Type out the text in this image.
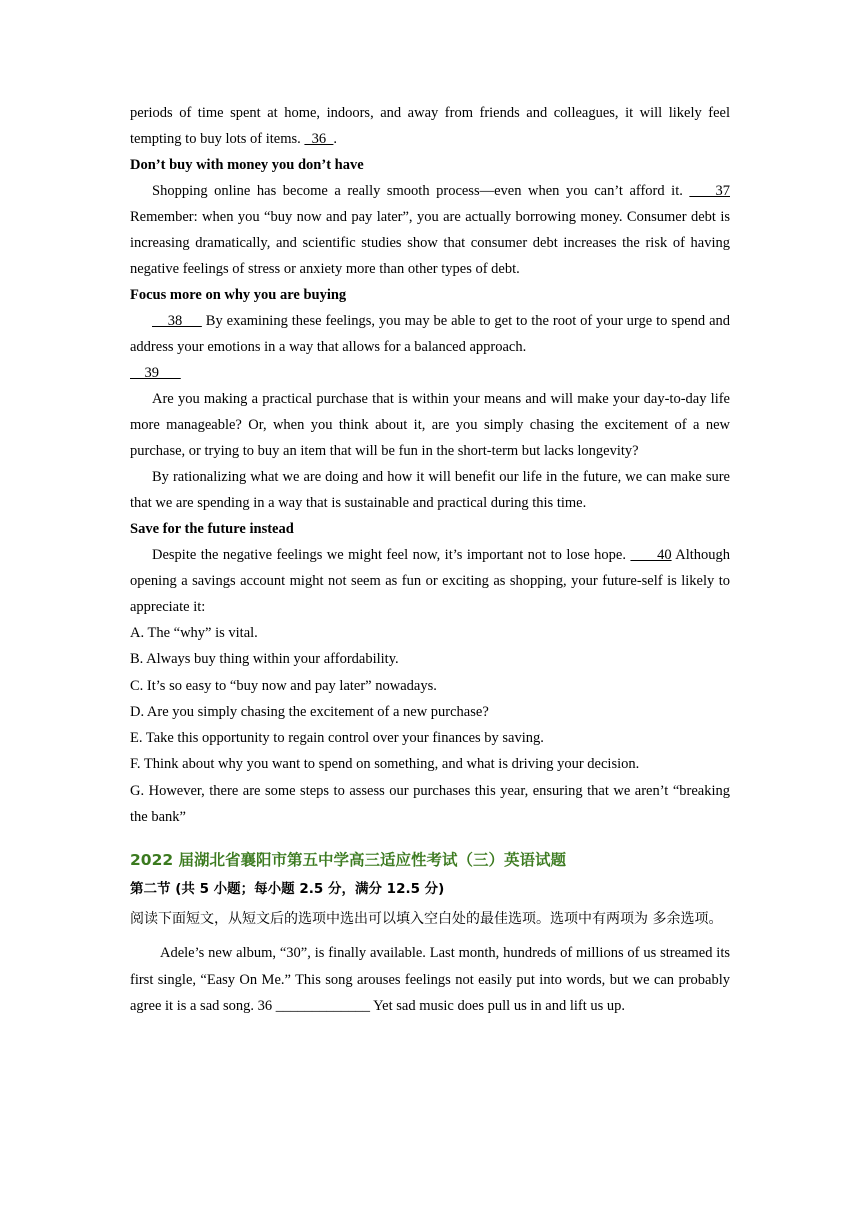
periods of time spent at home, indoors, and away from friends and colleagues, it will likely feel tempting to buy lots of items.   36  .

Don’t buy with money you don’t have

Shopping online has become a really smooth process—even when you can’t afford it.     37 Remember: when you “buy now and pay later”, you are actually borrowing money. Consumer debt is increasing dramatically, and scientific studies show that consumer debt increases the risk of having negative feelings of stress or anxiety more than other types of debt.

Focus more on why you are buying

38      By examining these feelings, you may be able to get to the root of your urge to spend and address your emotions in a way that allows for a balanced approach.

39

Are you making a practical purchase that is within your means and will make your day-to-day life more manageable? Or, when you think about it, are you simply chasing the excitement of a new purchase, or trying to buy an item that will be fun in the short-term but lacks longevity?

By rationalizing what we are doing and how it will benefit our life in the future, we can make sure that we are spending in a way that is sustainable and practical during this time.

Save for the future instead

Despite the negative feelings we might feel now, it’s important not to lose hope.       40 Although opening a savings account might not seem as fun or exciting as shopping, your future-self is likely to appreciate it:

A. The “why” is vital.

B. Always buy thing within your affordability.

C. It’s so easy to “buy now and pay later” nowadays.

D. Are you simply chasing the excitement of a new purchase?

E. Take this opportunity to regain control over your finances by saving.

F. Think about why you want to spend on something, and what is driving your decision.

G. However, there are some steps to assess our purchases this year, ensuring that we aren’t “breaking the bank”

2022 届湖北省襄阳市第五中学高三适应性考试（三）英语试题

第二节 (共 5 小题；每小题 2.5 分，满分 12.5 分)

阅读下面短文，从短文后的选项中选出可以填入空白处的最佳选项。选项中有两项为 多余选项。

Adele’s new album, “30”, is finally available. Last month, hundreds of millions of us streamed its first single, “Easy On Me.” This song arouses feelings not easily put into words, but we can probably agree it is a sad song. 36 _____________ Yet sad music does pull us in and lift us up.
